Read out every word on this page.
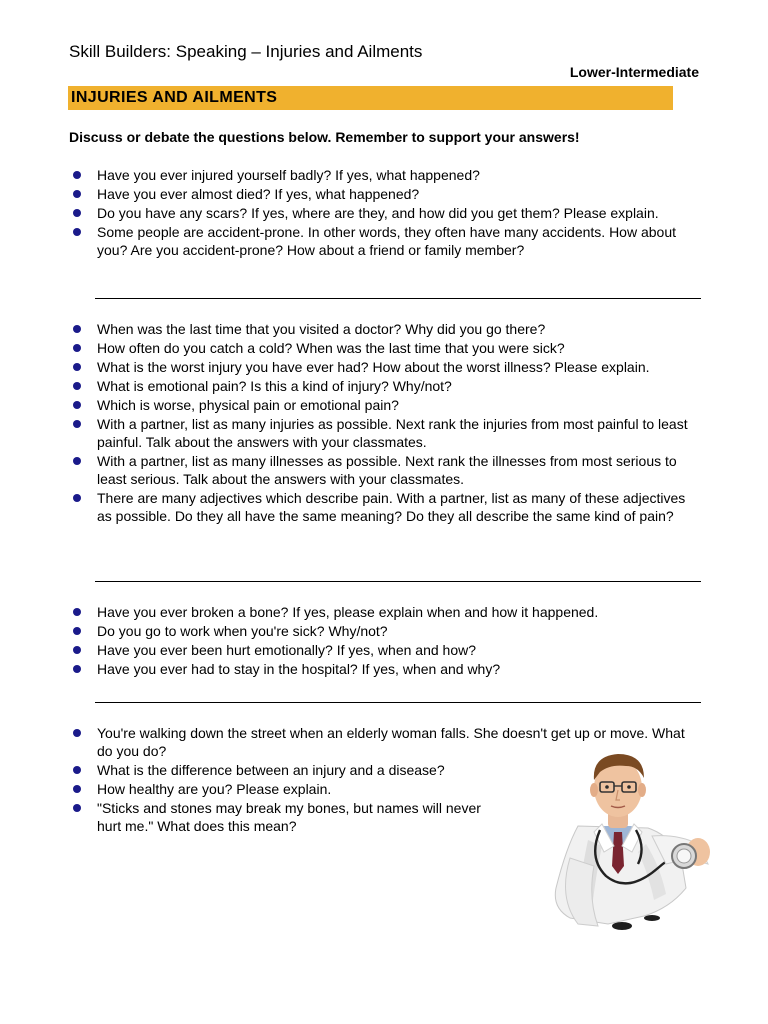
Skill Builders: Speaking – Injuries and Ailments
Lower-Intermediate
INJURIES AND AILMENTS
Discuss or debate the questions below. Remember to support your answers!
Have you ever injured yourself badly? If yes, what happened?
Have you ever almost died? If yes, what happened?
Do you have any scars? If yes, where are they, and how did you get them? Please explain.
Some people are accident-prone. In other words, they often have many accidents. How about you? Are you accident-prone? How about a friend or family member?
When was the last time that you visited a doctor? Why did you go there?
How often do you catch a cold? When was the last time that you were sick?
What is the worst injury you have ever had? How about the worst illness? Please explain.
What is emotional pain? Is this a kind of injury? Why/not?
Which is worse, physical pain or emotional pain?
With a partner, list as many injuries as possible. Next rank the injuries from most painful to least painful. Talk about the answers with your classmates.
With a partner, list as many illnesses as possible. Next rank the illnesses from most serious to least serious. Talk about the answers with your classmates.
There are many adjectives which describe pain. With a partner, list as many of these adjectives as possible. Do they all have the same meaning? Do they all describe the same kind of pain?
Have you ever broken a bone? If yes, please explain when and how it happened.
Do you go to work when you're sick? Why/not?
Have you ever been hurt emotionally? If yes, when and how?
Have you ever had to stay in the hospital? If yes, when and why?
You're walking down the street when an elderly woman falls. She doesn't get up or move. What do you do?
What is the difference between an injury and a disease?
How healthy are you? Please explain.
"Sticks and stones may break my bones, but names will never hurt me." What does this mean?
